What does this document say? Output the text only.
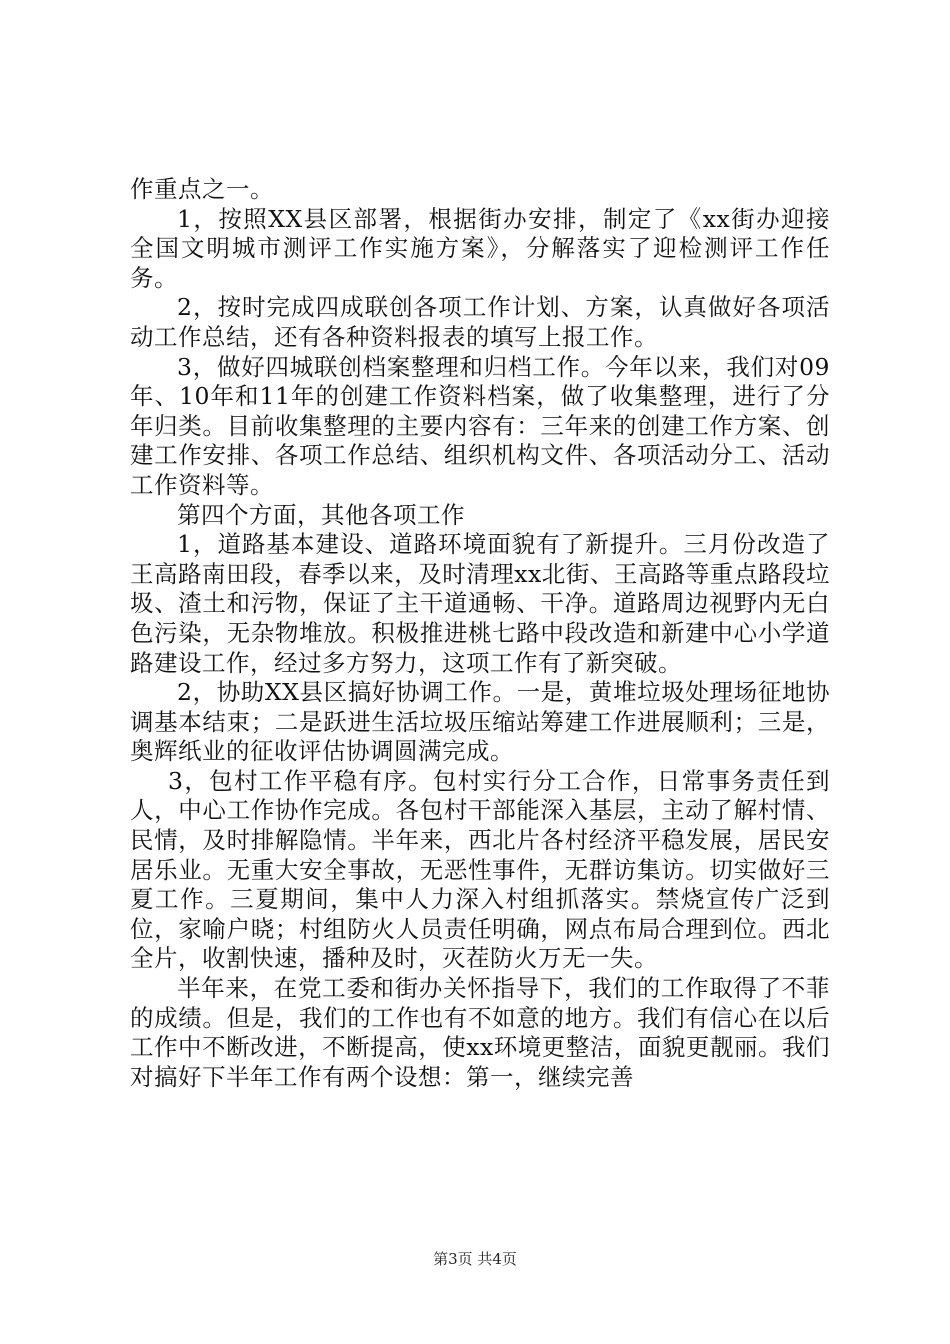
作重点之一。

1，按照XX县区部署，根据街办安排，制定了《xx街办迎接全国文明城市测评工作实施方案》，分解落实了迎检测评工作任务。

2，按时完成四成联创各项工作计划、方案，认真做好各项活动工作总结，还有各种资料报表的填写上报工作。

3，做好四城联创档案整理和归档工作。今年以来，我们对09年、10年和11年的创建工作资料档案，做了收集整理，进行了分年归类。目前收集整理的主要内容有：三年来的创建工作方案、创建工作安排、各项工作总结、组织机构文件、各项活动分工、活动工作资料等。

第四个方面，其他各项工作

1，道路基本建设、道路环境面貌有了新提升。三月份改造了王高路南田段，春季以来，及时清理xx北街、王高路等重点路段垃圾、渣土和污物，保证了主干道通畅、干净。道路周边视野内无白色污染，无杂物堆放。积极推进桃七路中段改造和新建中心小学道路建设工作，经过多方努力，这项工作有了新突破。

2，协助XX县区搞好协调工作。一是，黄堆垃圾处理场征地协调基本结束；二是跃进生活垃圾压缩站筹建工作进展顺利；三是，奥辉纸业的征收评估协调圆满完成。

3，包村工作平稳有序。包村实行分工合作，日常事务责任到人，中心工作协作完成。各包村干部能深入基层，主动了解村情、民情，及时排解隐情。半年来，西北片各村经济平稳发展，居民安居乐业。无重大安全事故，无恶性事件，无群访集访。切实做好三夏工作。三夏期间，集中人力深入村组抓落实。禁烧宣传广泛到位，家喻户晓；村组防火人员责任明确，网点布局合理到位。西北全片，收割快速，播种及时，灭茬防火万无一失。

半年来，在党工委和街办关怀指导下，我们的工作取得了不菲的成绩。但是，我们的工作也有不如意的地方。我们有信心在以后工作中不断改进，不断提高，使xx环境更整洁，面貌更靓丽。我们对搞好下半年工作有两个设想：第一，继续完善

第3页 共4页
